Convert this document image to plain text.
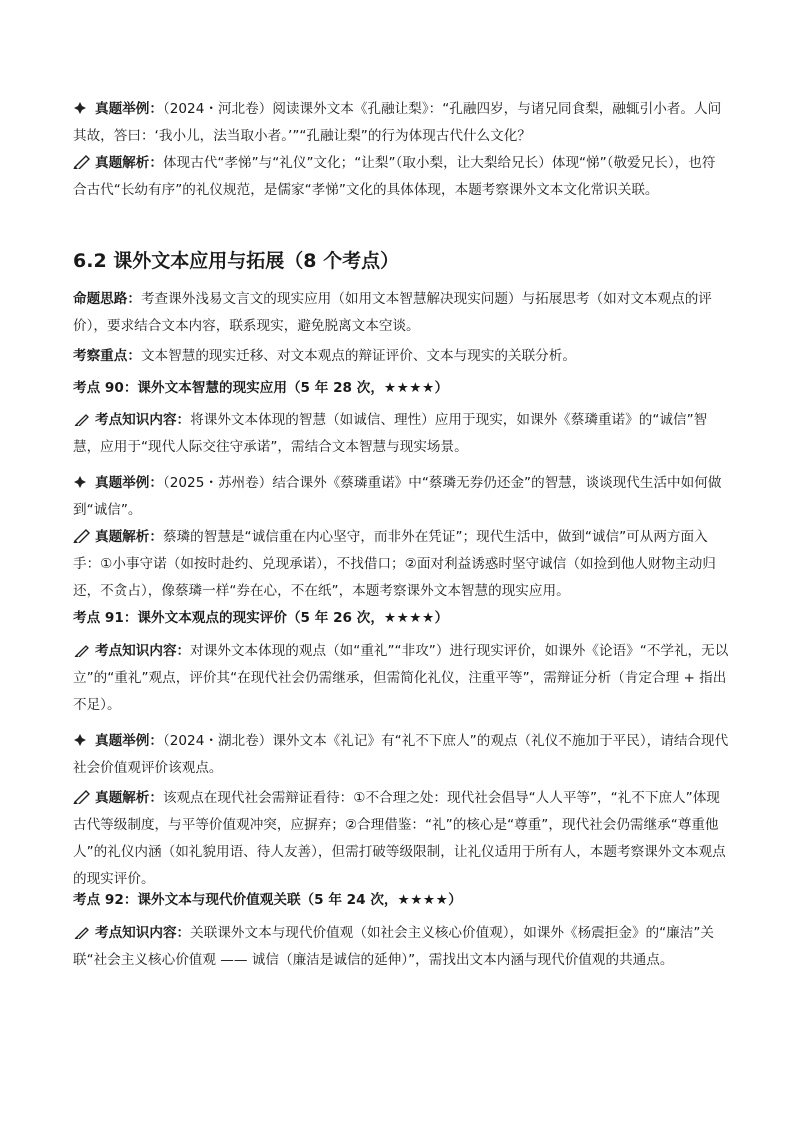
真题举例：（2024・河北卷）阅读课外文本《孔融让梨》：“孔融四岁，与诸兄同食梨，融辄引小者。人问其故，答曰：‘我小儿，法当取小者。’”“孔融让梨”的行为体现古代什么文化？
真题解析：体现古代“孝悌”与“礼仪”文化；“让梨”（取小梨，让大梨给兄长）体现“悌”（敬爱兄长），也符合古代“长幼有序”的礼仪规范，是儒家“孝悌”文化的具体体现，本题考察课外文本文化常识关联。
6.2 课外文本应用与拓展（8 个考点）
命题思路：考查课外浅易文言文的现实应用（如用文本智慧解决现实问题）与拓展思考（如对文本观点的评价），要求结合文本内容，联系现实，避免脱离文本空谈。
考察重点：文本智慧的现实迁移、对文本观点的辩证评价、文本与现实的关联分析。
考点 90：课外文本智慧的现实应用（5 年 28 次，★★★★）
考点知识内容：将课外文本体现的智慧（如诚信、理性）应用于现实，如课外《蔡璘重诺》的“诚信”智慧，应用于“现代人际交往守承诺”，需结合文本智慧与现实场景。
真题举例：（2025・苏州卷）结合课外《蔡璘重诺》中“蔡璘无券仍还金”的智慧，谈谈现代生活中如何做到“诚信”。
真题解析：蔡璘的智慧是“诚信重在内心坚守，而非外在凭证”；现代生活中，做到“诚信”可从两方面入手：①小事守诺（如按时赴约、兑现承诺），不找借口；②面对利益诱惑时坚守诚信（如捡到他人财物主动归还，不贪占），像蔡璘一样“券在心，不在纸”，本题考察课外文本智慧的现实应用。
考点 91：课外文本观点的现实评价（5 年 26 次，★★★★）
考点知识内容：对课外文本体现的观点（如“重礼”“非攻”）进行现实评价，如课外《论语》“不学礼，无以立”的“重礼”观点，评价其“在现代社会仍需继承，但需简化礼仪，注重平等”，需辩证分析（肯定合理 + 指出不足）。
真题举例：（2024・湖北卷）课外文本《礼记》有“礼不下庶人”的观点（礼仪不施加于平民），请结合现代社会价值观评价该观点。
真题解析：该观点在现代社会需辩证看待：①不合理之处：现代社会倡导“人人平等”，“礼不下庶人”体现古代等级制度，与平等价值观冲突，应摒弃；②合理借鉴：“礼”的核心是“尊重”，现代社会仍需继承“尊重他人”的礼仪内涵（如礼貌用语、待人友善），但需打破等级限制，让礼仪适用于所有人，本题考察课外文本观点的现实评价。
考点 92：课外文本与现代价值观关联（5 年 24 次，★★★★）
考点知识内容：关联课外文本与现代价值观（如社会主义核心价值观），如课外《杨震拒金》的“廉洁”关联“社会主义核心价值观 —— 诚信（廉洁是诚信的延伸）”，需找出文本内涵与现代价值观的共通点。
